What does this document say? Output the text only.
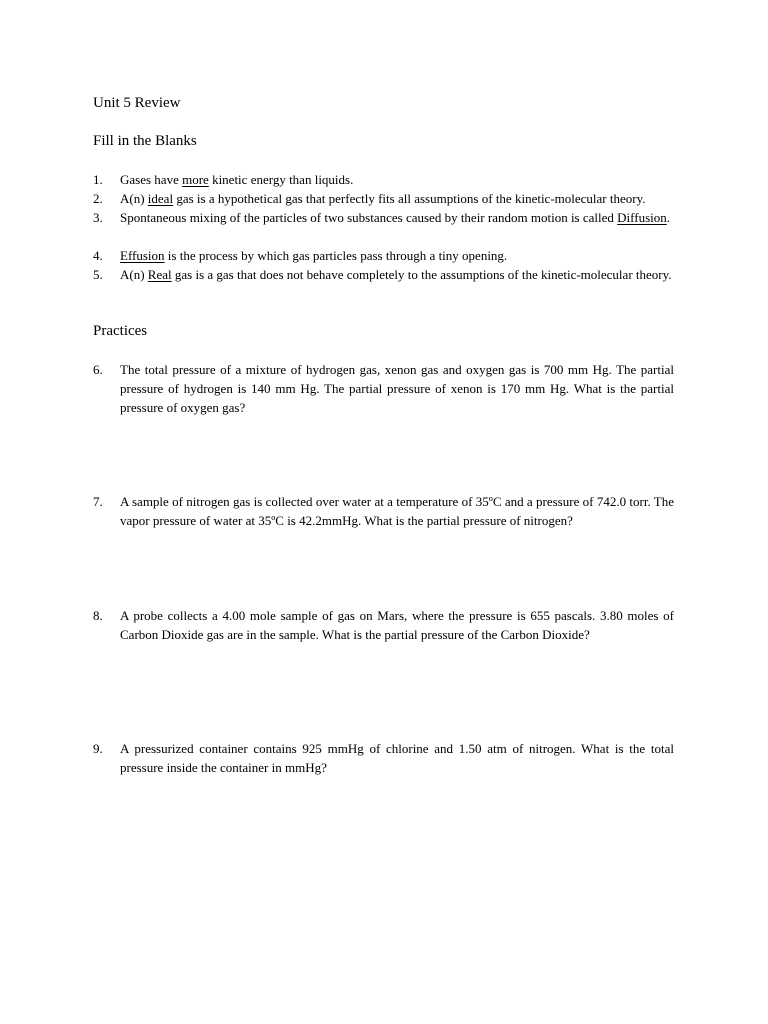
Unit 5 Review
Fill in the Blanks
1.	Gases have more kinetic energy than liquids.
2.	A(n) ideal gas is a hypothetical gas that perfectly fits all assumptions of the kinetic-molecular theory.
3.	Spontaneous mixing of the particles of two substances caused by their random motion is called Diffusion.
4.	Effusion is the process by which gas particles pass through a tiny opening.
5.	A(n) Real gas is a gas that does not behave completely to the assumptions of the kinetic-molecular theory.
Practices
6.	The total pressure of a mixture of hydrogen gas, xenon gas and oxygen gas is 700 mm Hg. The partial pressure of hydrogen is 140 mm Hg. The partial pressure of xenon is 170 mm Hg. What is the partial pressure of oxygen gas?
7.	A sample of nitrogen gas is collected over water at a temperature of 35ºC and a pressure of 742.0 torr. The vapor pressure of water at 35ºC is 42.2mmHg. What is the partial pressure of nitrogen?
8.	A probe collects a 4.00 mole sample of gas on Mars, where the pressure is 655 pascals. 3.80 moles of Carbon Dioxide gas are in the sample. What is the partial pressure of the Carbon Dioxide?
9.	A pressurized container contains 925 mmHg of chlorine and 1.50 atm of nitrogen. What is the total pressure inside the container in mmHg?
